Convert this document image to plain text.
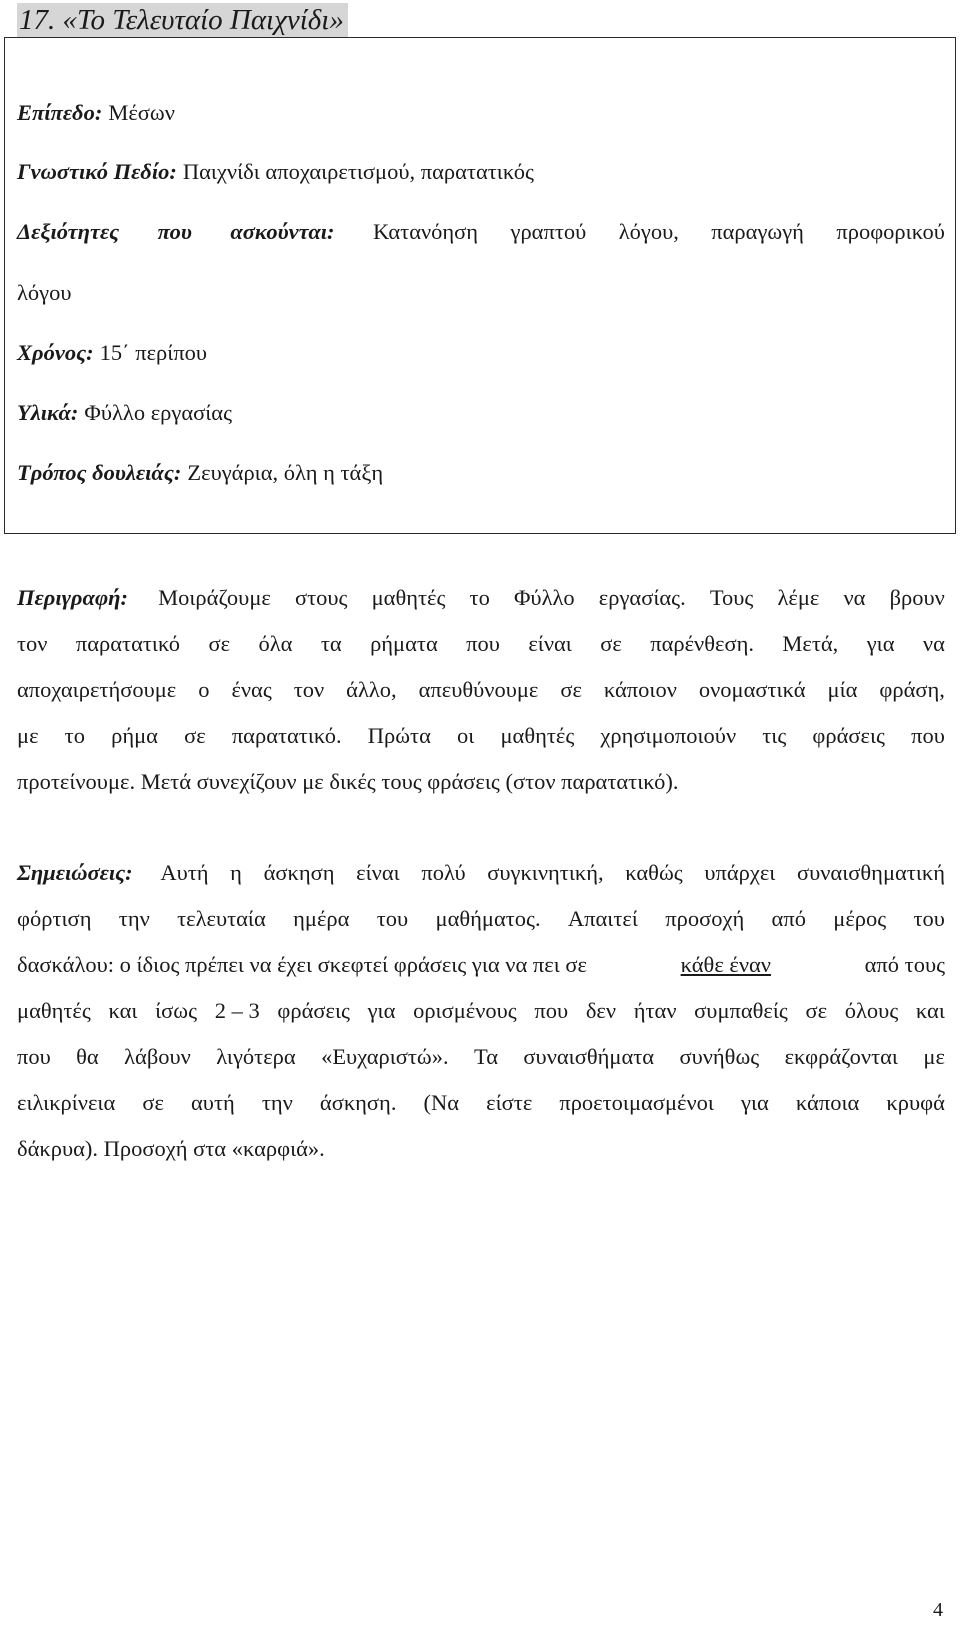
17. «Το Τελευταίο Παιχνίδι»
Επίπεδο: Μέσων
Γνωστικό Πεδίο: Παιχνίδι αποχαιρετισμού, παρατατικός
Δεξιότητες που ασκούνται: Κατανόηση γραπτού λόγου, παραγωγή προφορικού
λόγου
Χρόνος: 15΄ περίπου
Υλικά: Φύλλο εργασίας
Τρόπος δουλειάς: Ζευγάρια, όλη η τάξη
Περιγραφή: Μοιράζουμε στους μαθητές το Φύλλο εργασίας. Τους λέμε να βρουν
τον παρατατικό σε όλα τα ρήματα που είναι σε παρένθεση. Μετά, για να
αποχαιρετήσουμε ο ένας τον άλλο, απευθύνουμε σε κάποιον ονομαστικά μία φράση,
με το ρήμα σε παρατατικό. Πρώτα οι μαθητές χρησιμοποιούν τις φράσεις που
προτείνουμε. Μετά συνεχίζουν με δικές τους φράσεις (στον παρατατικό).
Σημειώσεις: Αυτή η άσκηση είναι πολύ συγκινητική, καθώς υπάρχει συναισθηματική
φόρτιση την τελευταία ημέρα του μαθήματος. Απαιτεί προσοχή από μέρος του
δασκάλου: ο ίδιος πρέπει να έχει σκεφτεί φράσεις για να πει σε	κάθε έναν	από τους
μαθητές και ίσως 2 – 3 φράσεις για ορισμένους που δεν ήταν συμπαθείς σε όλους και
που θα λάβουν λιγότερα «Ευχαριστώ». Τα συναισθήματα συνήθως εκφράζονται με
ειλικρίνεια σε αυτή την άσκηση. (Να είστε προετοιμασμένοι για κάποια κρυφά
δάκρυα). Προσοχή στα «καρφιά».
4
